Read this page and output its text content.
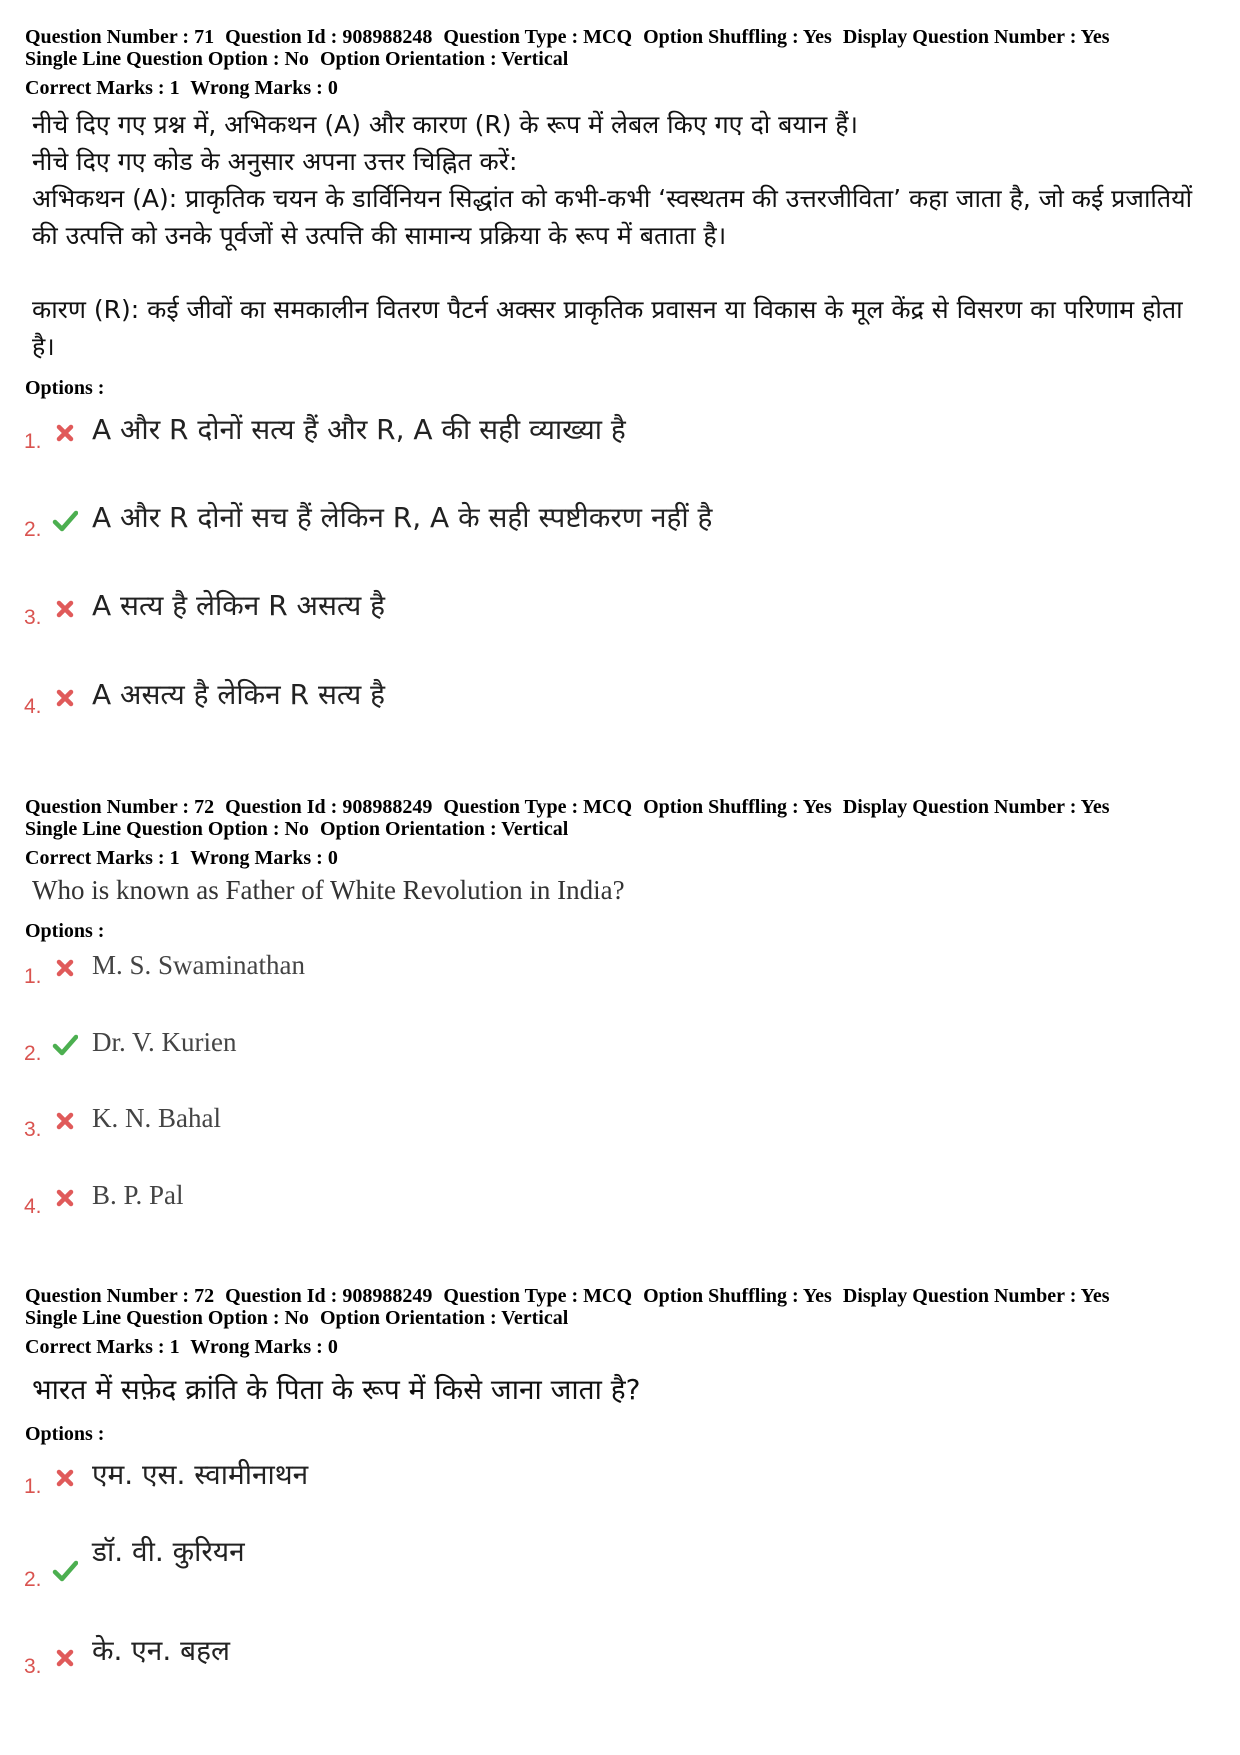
Question Number : 71 Question Id : 908988248 Question Type : MCQ Option Shuffling : Yes Display Question Number : Yes
Single Line Question Option : No Option Orientation : Vertical
Correct Marks : 1 Wrong Marks : 0

नीचे दिए गए प्रश्न में, अभिकथन (A) और कारण (R) के रूप में लेबल किए गए दो बयान हैं।

नीचे दिए गए कोड के अनुसार अपना उत्तर चिह्नित करें:

अभिकथन (A): प्राकृतिक चयन के डार्विनियन सिद्धांत को कभी-कभी ‘स्वस्थतम की उत्तरजीविता’ कहा जाता है, जो कई प्रजातियों की उत्पत्ति को उनके पूर्वजों से उत्पत्ति की सामान्य प्रक्रिया के रूप में बताता है।

कारण (R): कई जीवों का समकालीन वितरण पैटर्न अक्सर प्राकृतिक प्रवासन या विकास के मूल केंद्र से विसरण का परिणाम होता है।

Options :
1. A और R दोनों सत्य हैं और R, A की सही व्याख्या है
2. A और R दोनों सच हैं लेकिन R, A के सही स्पष्टीकरण नहीं है
3. A सत्य है लेकिन R असत्य है
4. A असत्य है लेकिन R सत्य है
Question Number : 72 Question Id : 908988249 Question Type : MCQ Option Shuffling : Yes Display Question Number : Yes
Single Line Question Option : No Option Orientation : Vertical
Correct Marks : 1 Wrong Marks : 0

Who is known as Father of White Revolution in India?

Options :
1. M. S. Swaminathan
2. Dr. V. Kurien
3. K. N. Bahal
4. B. P. Pal
Question Number : 72 Question Id : 908988249 Question Type : MCQ Option Shuffling : Yes Display Question Number : Yes
Single Line Question Option : No Option Orientation : Vertical
Correct Marks : 1 Wrong Marks : 0

भारत में सफ़ेद क्रांति के पिता के रूप में किसे जाना जाता है?

Options :
1. एम. एस. स्वामीनाथन
2.
डॉ. वी. कुरियन
3. के. एन. बहल
